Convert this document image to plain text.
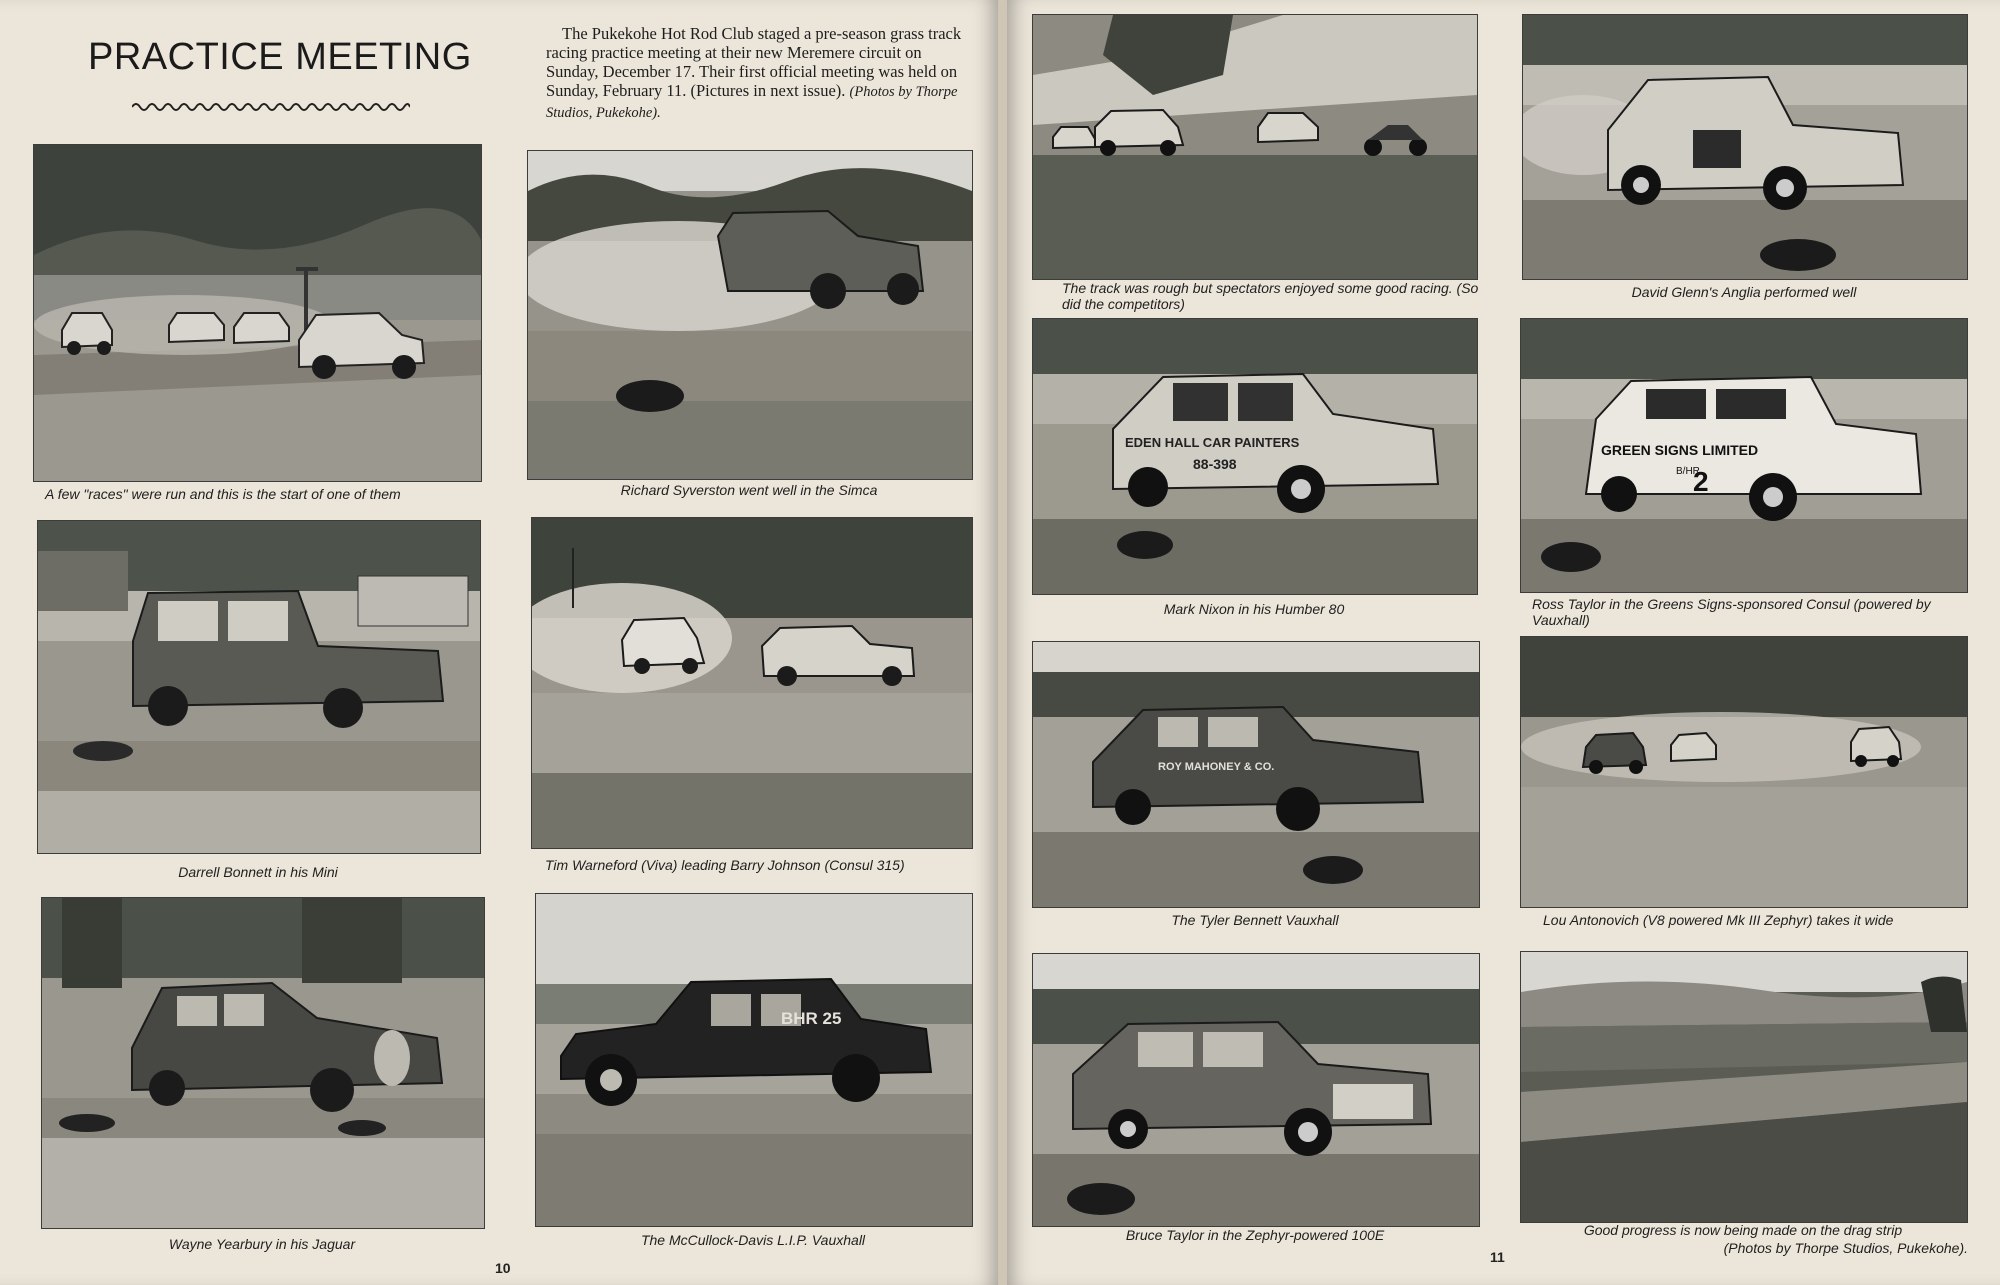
PRACTICE MEETING

The Pukekohe Hot Rod Club staged a pre-season grass track racing practice meeting at their new Meremere circuit on Sunday, December 17. Their first official meeting was held on Sunday, February 11. (Pictures in next issue). (Photos by Thorpe Studios, Pukekohe).

A few "races" were run and this is the start of one of them	Richard Syverston went well in the Simca

Darrell Bonnett in his Mini	Tim Warneford (Viva) leading Barry Johnson (Consul 315)

Wayne Yearbury in his Jaguar

BHR 25

The McCullock-Davis L.I.P. Vauxhall

10

The track was rough but spectators enjoyed some good racing. (So did the competitors)

David Glenn's Anglia performed well

EDEN HALL CAR PAINTERS
88-398

Mark Nixon in his Humber 80

GREEN SIGNS LIMITED
B/HR
2

Ross Taylor in the Greens Signs-sponsored Consul (powered by Vauxhall)

ROY MAHONEY & CO.

The Tyler Bennett Vauxhall	Lou Antonovich (V8 powered Mk III Zephyr) takes it wide

Bruce Taylor in the Zephyr-powered 100E	Good progress is now being made on the drag strip

(Photos by Thorpe Studios, Pukekohe).

11
